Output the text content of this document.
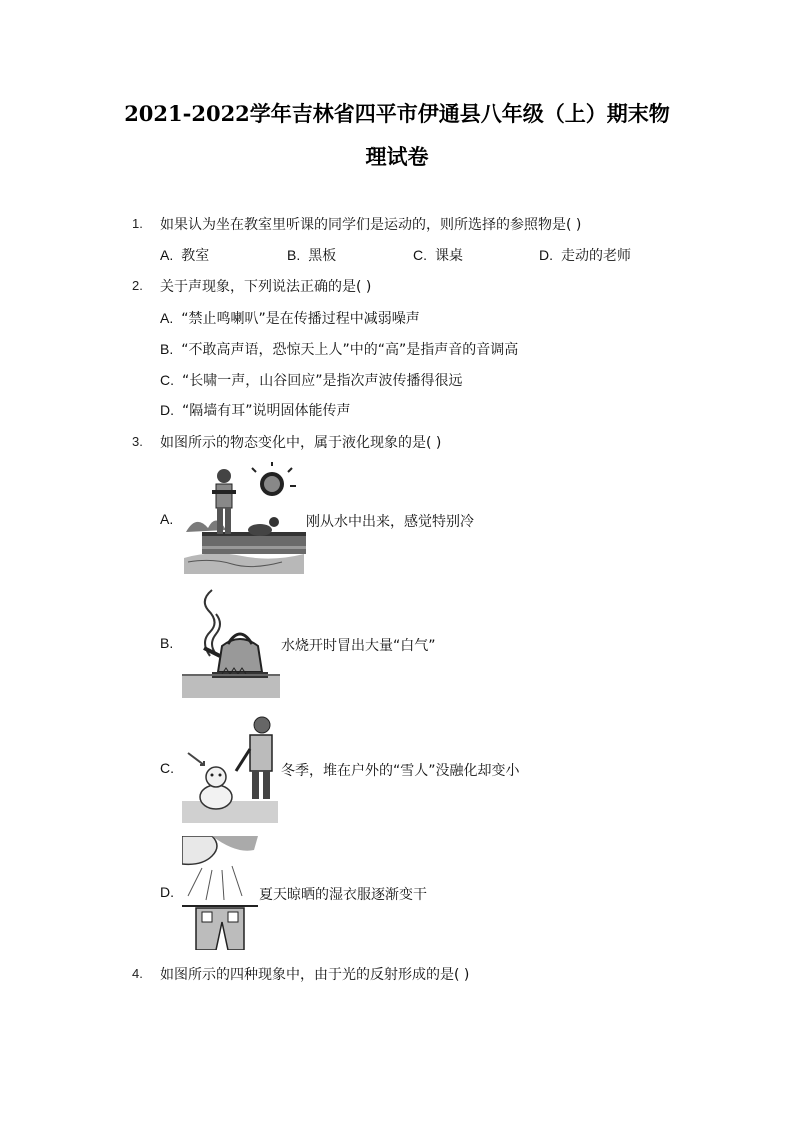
2021-2022学年吉林省四平市伊通县八年级（上）期末物
理试卷
1. 如果认为坐在教室里听课的同学们是运动的，则所选择的参照物是( )
A. 教室	B. 黑板	C. 课桌	D. 走动的老师
2. 关于声现象，下列说法正确的是( )
A. “禁止鸣喇叭”是在传播过程中减弱噪声
B. “不敢高声语，恐惊天上人”中的“高”是指声音的音调高
C. “长啸一声，山谷回应”是指次声波传播得很远
D. “隔墙有耳”说明固体能传声
3. 如图所示的物态变化中，属于液化现象的是( )
A.	刚从水中出来，感觉特别冷
B.	水烧开时冒出大量“白气”
C.	冬季，堆在户外的“雪人”没融化却变小
D.	夏天晾晒的湿衣服逐渐变干
4. 如图所示的四种现象中，由于光的反射形成的是( )
